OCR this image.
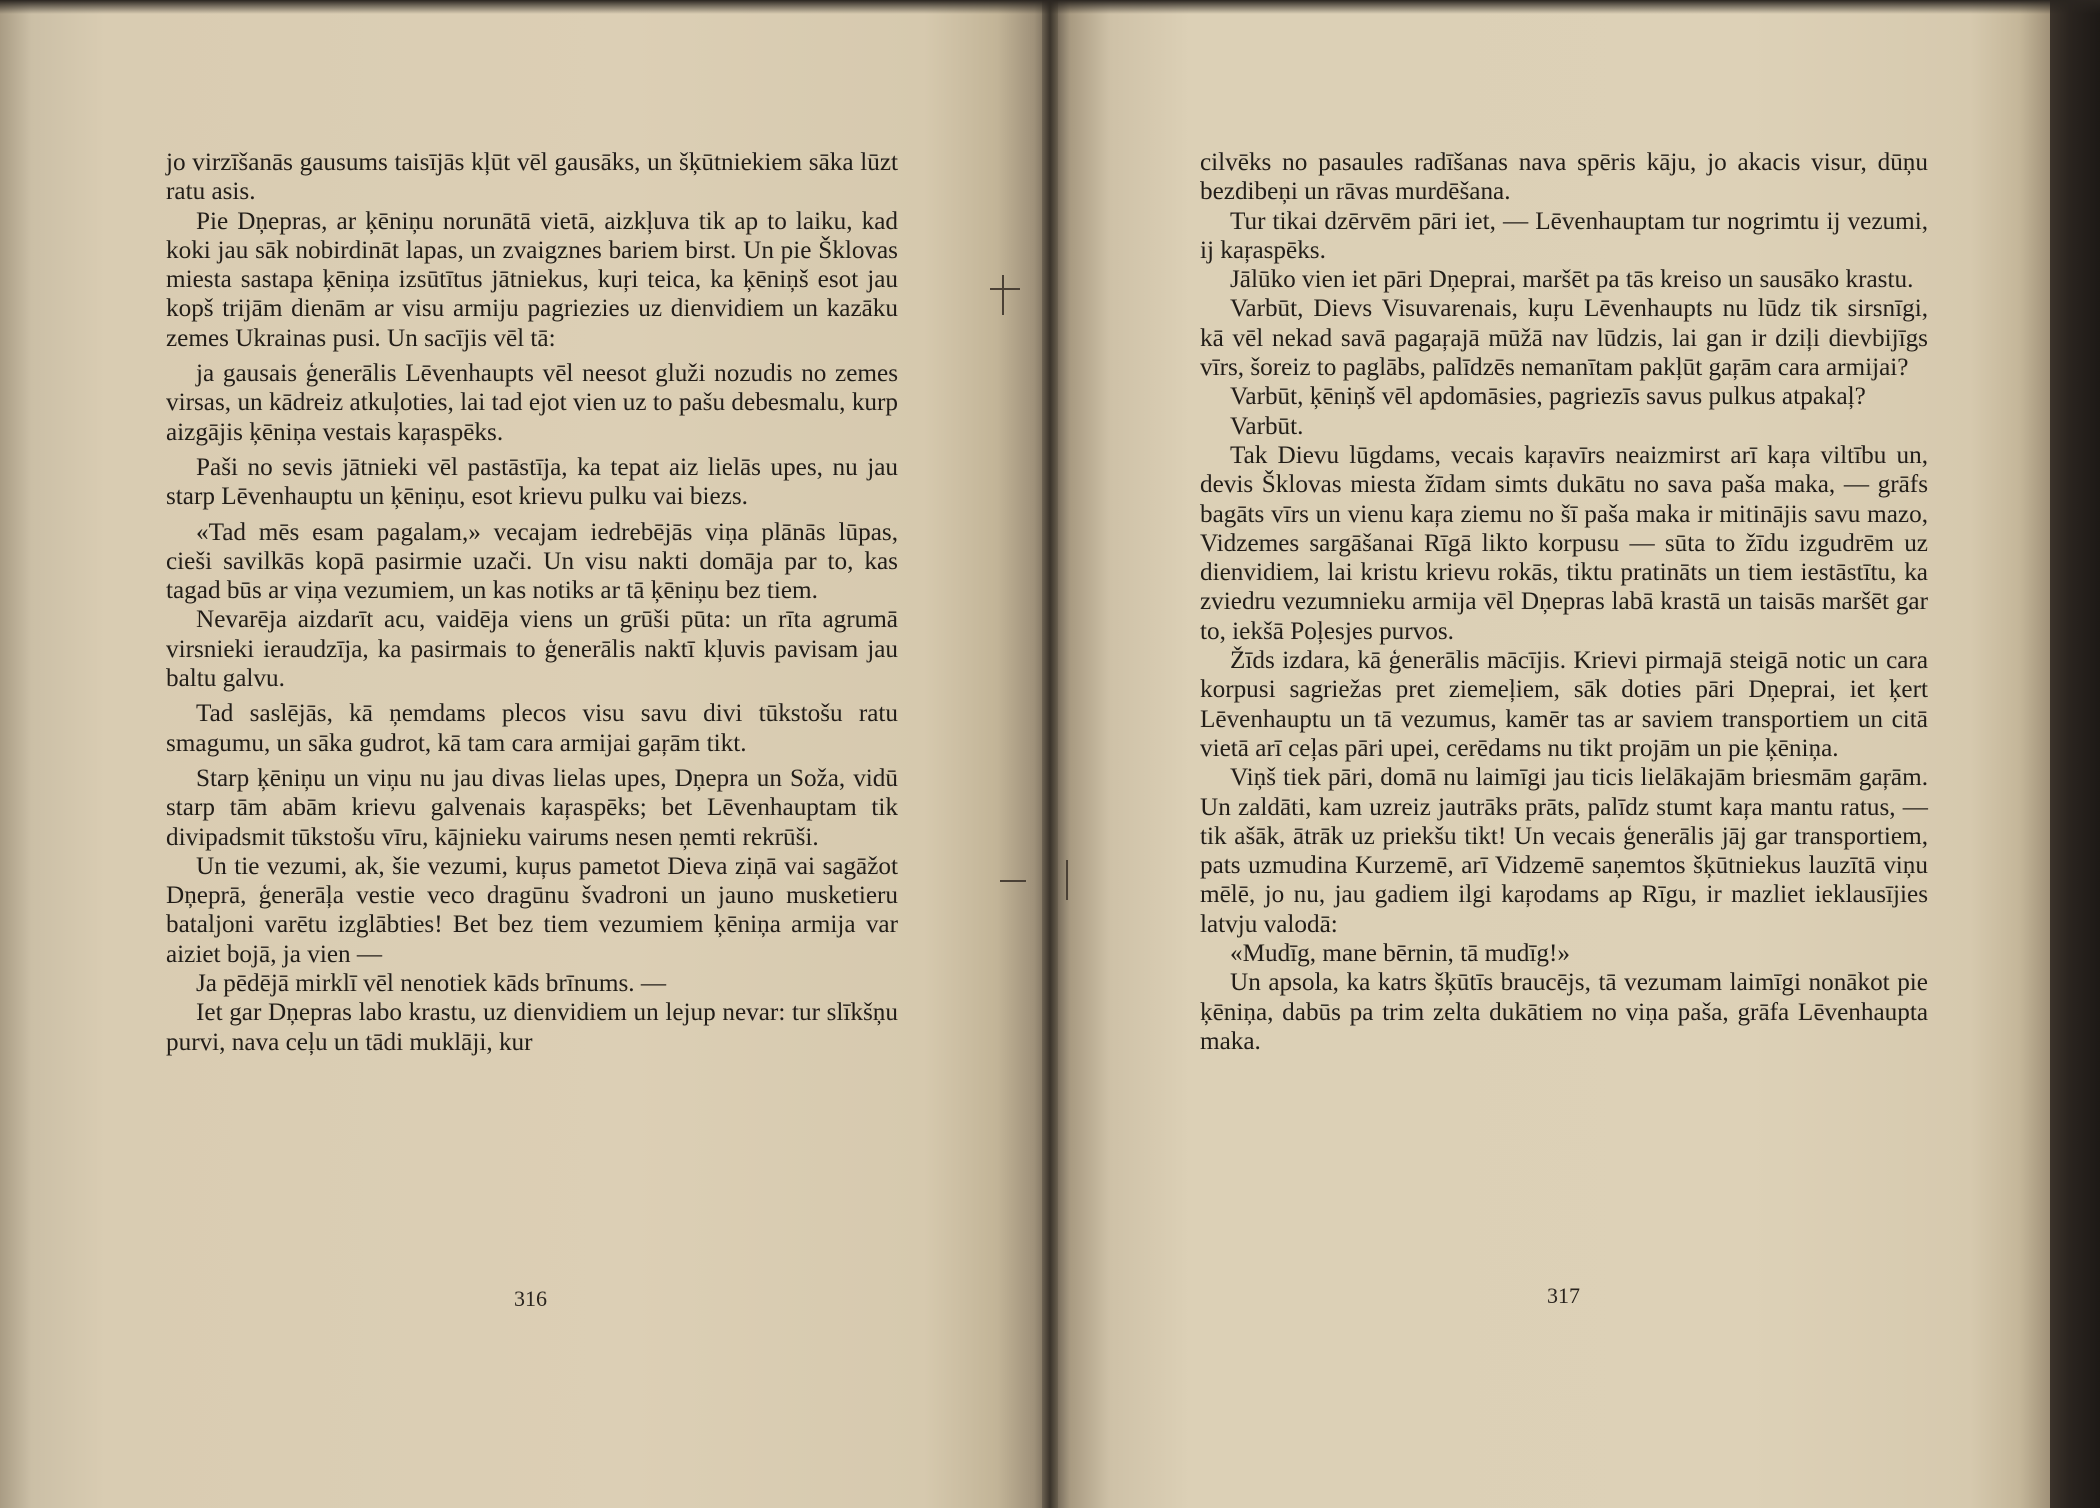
jo virzīšanās gausums taisījās kļūt vēl gausāks, un šķūtniekiem sāka lūzt ratu asis.

Pie Dņepras, ar ķēniņu norunātā vietā, aizkļuva tik ap to laiku, kad koki jau sāk nobirdināt lapas, un zvaigznes bariem birst. Un pie Šklovas miesta sastapa ķēniņa izsūtītus jātniekus, kuŗi teica, ka ķēniņš esot jau kopš trijām dienām ar visu armiju pagriezies uz dienvidiem un kazāku zemes Ukrainas pusi. Un sacījis vēl tā:

ja gausais ģenerālis Lēvenhaupts vēl neesot gluži nozudis no zemes virsas, un kādreiz atkuļoties, lai tad ejot vien uz to pašu debesmalu, kurp aizgājis ķēniņa vestais kaŗaspēks.

Paši no sevis jātnieki vēl pastāstīja, ka tepat aiz lielās upes, nu jau starp Lēvenhauptu un ķēniņu, esot krievu pulku vai biezs.

«Tad mēs esam pagalam,» vecajam iedrebējās viņa plānās lūpas, cieši savilkās kopā pasirmie uzači. Un visu nakti domāja par to, kas tagad būs ar viņa vezumiem, un kas notiks ar tā ķēniņu bez tiem.

Nevarēja aizdarīt acu, vaidēja viens un grūši pūta: un rīta agrumā virsnieki ieraudzīja, ka pasirmais to ģenerālis naktī kļuvis pavisam jau baltu galvu.

Tad saslējās, kā ņemdams plecos visu savu divi tūkstošu ratu smagumu, un sāka gudrot, kā tam cara armijai gaŗām tikt.

Starp ķēniņu un viņu nu jau divas lielas upes, Dņepra un Soža, vidū starp tām abām krievu galvenais kaŗaspēks; bet Lēvenhauptam tik divipadsmit tūkstošu vīru, kājnieku vairums nesen ņemti rekrūši.

Un tie vezumi, ak, šie vezumi, kuŗus pametot Dieva ziņā vai sagāžot Dņeprā, ģenerāļa vestie veco dragūnu švadroni un jauno musketieru bataljoni varētu izglābties! Bet bez tiem vezumiem ķēniņa armija var aiziet bojā, ja vien —

Ja pēdējā mirklī vēl nenotiek kāds brīnums. —

Iet gar Dņepras labo krastu, uz dienvidiem un lejup nevar: tur slīkšņu purvi, nava ceļu un tādi muklāji, kur

316

cilvēks no pasaules radīšanas nava spēris kāju, jo akacis visur, dūņu bezdibeņi un rāvas murdēšana.

Tur tikai dzērvēm pāri iet, — Lēvenhauptam tur nogrimtu ij vezumi, ij kaŗaspēks.

Jālūko vien iet pāri Dņeprai, maršēt pa tās kreiso un sausāko krastu.

Varbūt, Dievs Visuvarenais, kuŗu Lēvenhaupts nu lūdz tik sirsnīgi, kā vēl nekad savā pagaŗajā mūžā nav lūdzis, lai gan ir dziļi dievbijīgs vīrs, šoreiz to paglābs, palīdzēs nemanītam pakļūt gaŗām cara armijai?

Varbūt, ķēniņš vēl apdomāsies, pagriezīs savus pulkus atpakaļ?

Varbūt.

Tak Dievu lūgdams, vecais kaŗavīrs neaizmirst arī kaŗa viltību un, devis Šklovas miesta žīdam simts dukātu no sava paša maka, — grāfs bagāts vīrs un vienu kaŗa ziemu no šī paša maka ir mitinājis savu mazo, Vidzemes sargāšanai Rīgā likto korpusu — sūta to žīdu izgudrēm uz dienvidiem, lai kristu krievu rokās, tiktu pratināts un tiem iestāstītu, ka zviedru vezumnieku armija vēl Dņepras labā krastā un taisās maršēt gar to, iekšā Poļesjes purvos.

Žīds izdara, kā ģenerālis mācījis. Krievi pirmajā steigā notic un cara korpusi sagriežas pret ziemeļiem, sāk doties pāri Dņeprai, iet ķert Lēvenhauptu un tā vezumus, kamēr tas ar saviem transportiem un citā vietā arī ceļas pāri upei, cerēdams nu tikt projām un pie ķēniņa.

Viņš tiek pāri, domā nu laimīgi jau ticis lielākajām briesmām gaŗām. Un zaldāti, kam uzreiz jautrāks prāts, palīdz stumt kaŗa mantu ratus, — tik ašāk, ātrāk uz priekšu tikt! Un vecais ģenerālis jāj gar transportiem, pats uzmudina Kurzemē, arī Vidzemē saņemtos šķūtniekus lauzītā viņu mēlē, jo nu, jau gadiem ilgi kaŗodams ap Rīgu, ir mazliet ieklausījies latvju valodā:

«Mudīg, mane bērnin, tā mudīg!»

Un apsola, ka katrs šķūtīs braucējs, tā vezumam laimīgi nonākot pie ķēniņa, dabūs pa trim zelta dukātiem no viņa paša, grāfa Lēvenhaupta maka.

317
